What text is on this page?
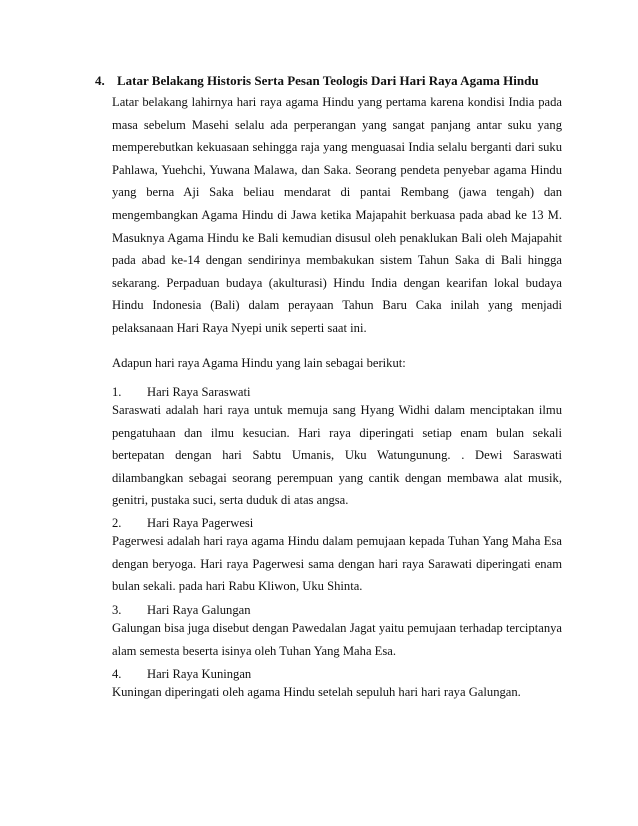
4. Latar Belakang Historis Serta Pesan Teologis Dari Hari Raya Agama Hindu
Latar belakang lahirnya hari raya agama Hindu yang pertama karena kondisi India pada masa sebelum Masehi selalu ada perperangan yang sangat panjang antar suku yang memperebutkan kekuasaan sehingga raja yang menguasai India selalu berganti dari suku Pahlawa, Yuehchi, Yuwana Malawa, dan Saka. Seorang pendeta penyebar agama Hindu yang berna Aji Saka beliau mendarat di pantai Rembang (jawa tengah) dan mengembangkan Agama Hindu di Jawa ketika Majapahit berkuasa pada abad ke 13 M. Masuknya Agama Hindu ke Bali kemudian disusul oleh penaklukan Bali oleh Majapahit pada abad ke-14 dengan sendirinya membakukan sistem Tahun Saka di Bali hingga sekarang. Perpaduan budaya (akulturasi) Hindu India dengan kearifan lokal budaya Hindu Indonesia (Bali) dalam perayaan Tahun Baru Caka inilah yang menjadi pelaksanaan Hari Raya Nyepi unik seperti saat ini.
Adapun hari raya Agama Hindu yang lain sebagai berikut:
1. Hari Raya Saraswati
Saraswati adalah hari raya untuk memuja sang Hyang Widhi dalam menciptakan ilmu pengatuhaan dan ilmu kesucian. Hari raya diperingati setiap enam bulan sekali bertepatan dengan hari Sabtu Umanis, Uku Watungunung. . Dewi Saraswati dilambangkan sebagai seorang perempuan yang cantik dengan membawa alat musik, genitri, pustaka suci, serta duduk di atas angsa.
2. Hari Raya Pagerwesi
Pagerwesi adalah hari raya agama Hindu dalam pemujaan kepada Tuhan Yang Maha Esa dengan beryoga. Hari raya Pagerwesi sama dengan hari raya Sarawati diperingati enam bulan sekali. pada hari Rabu Kliwon, Uku Shinta.
3. Hari Raya Galungan
Galungan bisa juga disebut dengan Pawedalan Jagat yaitu pemujaan terhadap terciptanya alam semesta beserta isinya oleh Tuhan Yang Maha Esa.
4. Hari Raya Kuningan
Kuningan diperingati oleh agama Hindu setelah sepuluh hari hari raya Galungan.
